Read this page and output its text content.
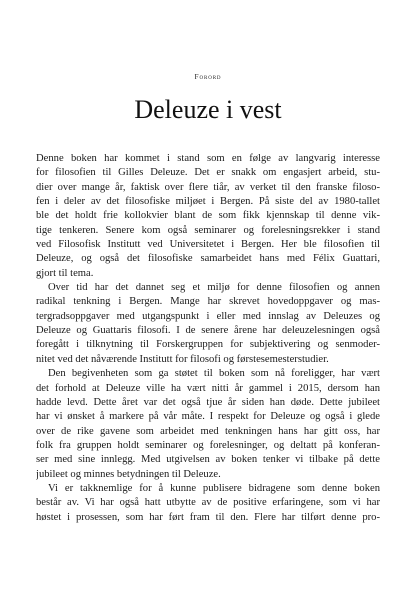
Forord
Deleuze i vest
Denne boken har kommet i stand som en følge av langvarig interesse
for filosofien til Gilles Deleuze. Det er snakk om engasjert arbeid, stu-
dier over mange år, faktisk over flere tiår, av verket til den franske filoso-
fen i deler av det filosofiske miljøet i Bergen. På siste del av 1980-tallet
ble det holdt frie kollokvier blant de som fikk kjennskap til denne vik-
tige tenkeren. Senere kom også seminarer og forelesningsrekker i stand
ved Filosofisk Institutt ved Universitetet i Bergen. Her ble filosofien til
Deleuze, og også det filosofiske samarbeidet hans med Félix Guattari,
gjort til tema.
Over tid har det dannet seg et miljø for denne filosofien og annen
radikal tenkning i Bergen. Mange har skrevet hovedoppgaver og mas-
tergradsoppgaver med utgangspunkt i eller med innslag av Deleuzes og
Deleuze og Guattaris filosofi. I de senere årene har deleuzelesningen også
foregått i tilknytning til Forskergruppen for subjektivering og senmoder-
nitet ved det nåværende Institutt for filosofi og førstesemesterstudier.
Den begivenheten som ga støtet til boken som nå foreligger, har vært
det forhold at Deleuze ville ha vært nitti år gammel i 2015, dersom han
hadde levd. Dette året var det også tjue år siden han døde. Dette jubileet
har vi ønsket å markere på vår måte. I respekt for Deleuze og også i glede
over de rike gavene som arbeidet med tenkningen hans har gitt oss, har
folk fra gruppen holdt seminarer og forelesninger, og deltatt på konferan-
ser med sine innlegg. Med utgivelsen av boken tenker vi tilbake på dette
jubileet og minnes betydningen til Deleuze.
Vi er takknemlige for å kunne publisere bidragene som denne boken
består av. Vi har også hatt utbytte av de positive erfaringene, som vi har
høstet i prosessen, som har ført fram til den. Flere har tilført denne pro-
